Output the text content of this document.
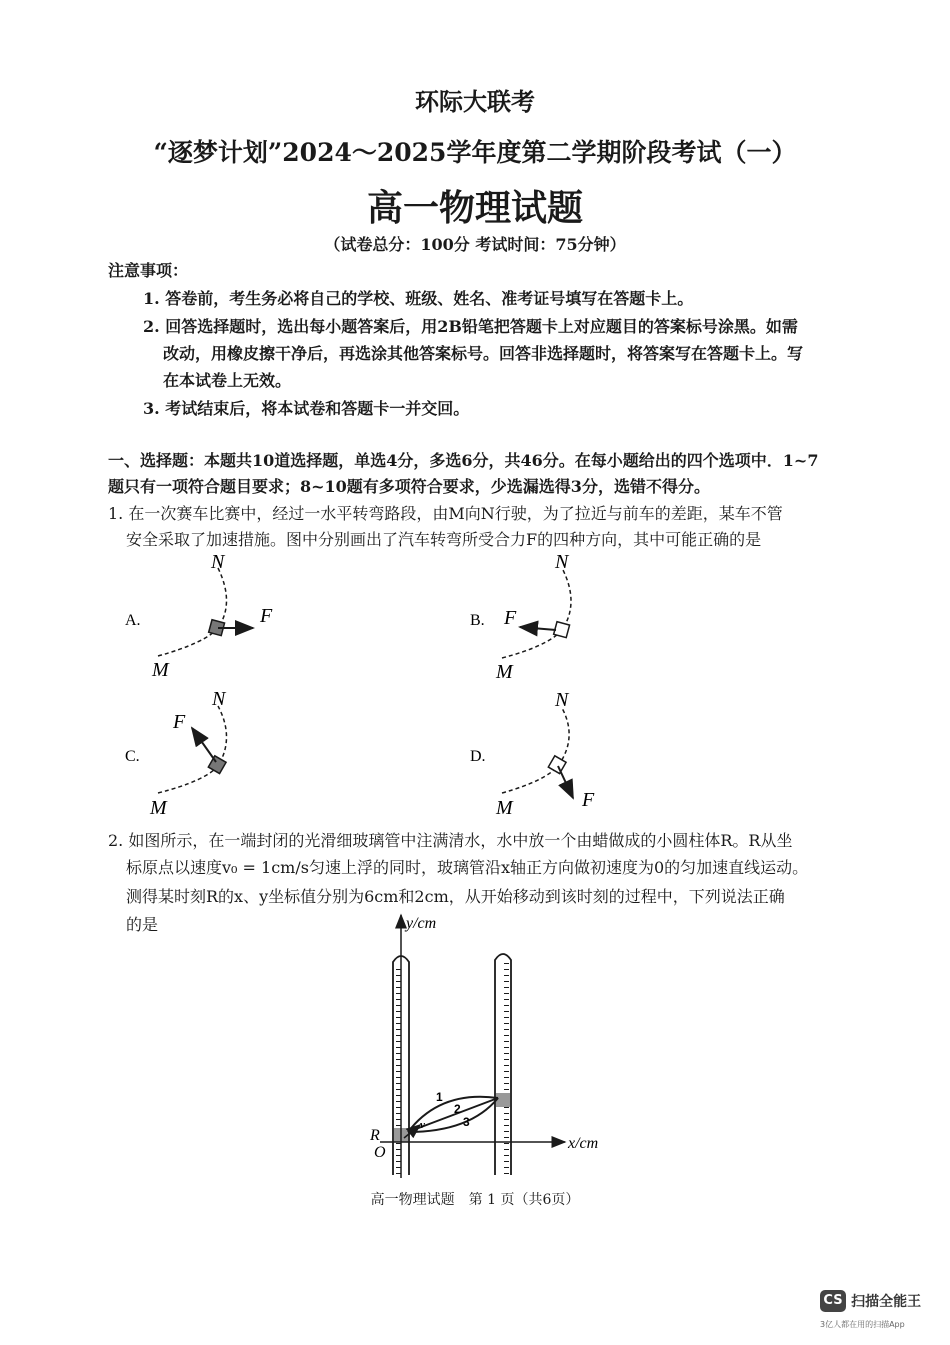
环际大联考
“逐梦计划”2024～2025学年度第二学期阶段考试（一）
高一物理试题
（试卷总分：100分 考试时间：75分钟）
注意事项：
1. 答卷前，考生务必将自己的学校、班级、姓名、准考证号填写在答题卡上。
2. 回答选择题时，选出每小题答案后，用2B铅笔把答题卡上对应题目的答案标号涂黑。如需
改动，用橡皮擦干净后，再选涂其他答案标号。回答非选择题时，将答案写在答题卡上。写
在本试卷上无效。
3. 考试结束后，将本试卷和答题卡一并交回。
一、选择题：本题共10道选择题，单选4分，多选6分，共46分。在每小题给出的四个选项中．1~7
题只有一项符合题目要求；8~10题有多项符合要求，少选漏选得3分，选错不得分。
1. 在一次赛车比赛中，经过一水平转弯路段，由M向N行驶，为了拉近与前车的差距，某车不管
安全采取了加速措施。图中分别画出了汽车转弯所受合力F的四种方向，其中可能正确的是
A.
N
M
F	B.
N
M
F
C.
N
M
F
D.
N
M	F
2. 如图所示，在一端封闭的光滑细玻璃管中注满清水，水中放一个由蜡做成的小圆柱体R。R从坐
标原点以速度v₀ = 1cm/s匀速上浮的同时，玻璃管沿x轴正方向做初速度为0的匀加速直线运动。
测得某时刻R的x、y坐标值分别为6cm和2cm，从开始移动到该时刻的过程中，下列说法正确
的是	y/cm
x/cm
R
O
v
1
2
3
高一物理试题　第 1 页（共6页）
CS 扫描全能王
3亿人都在用的扫描App
